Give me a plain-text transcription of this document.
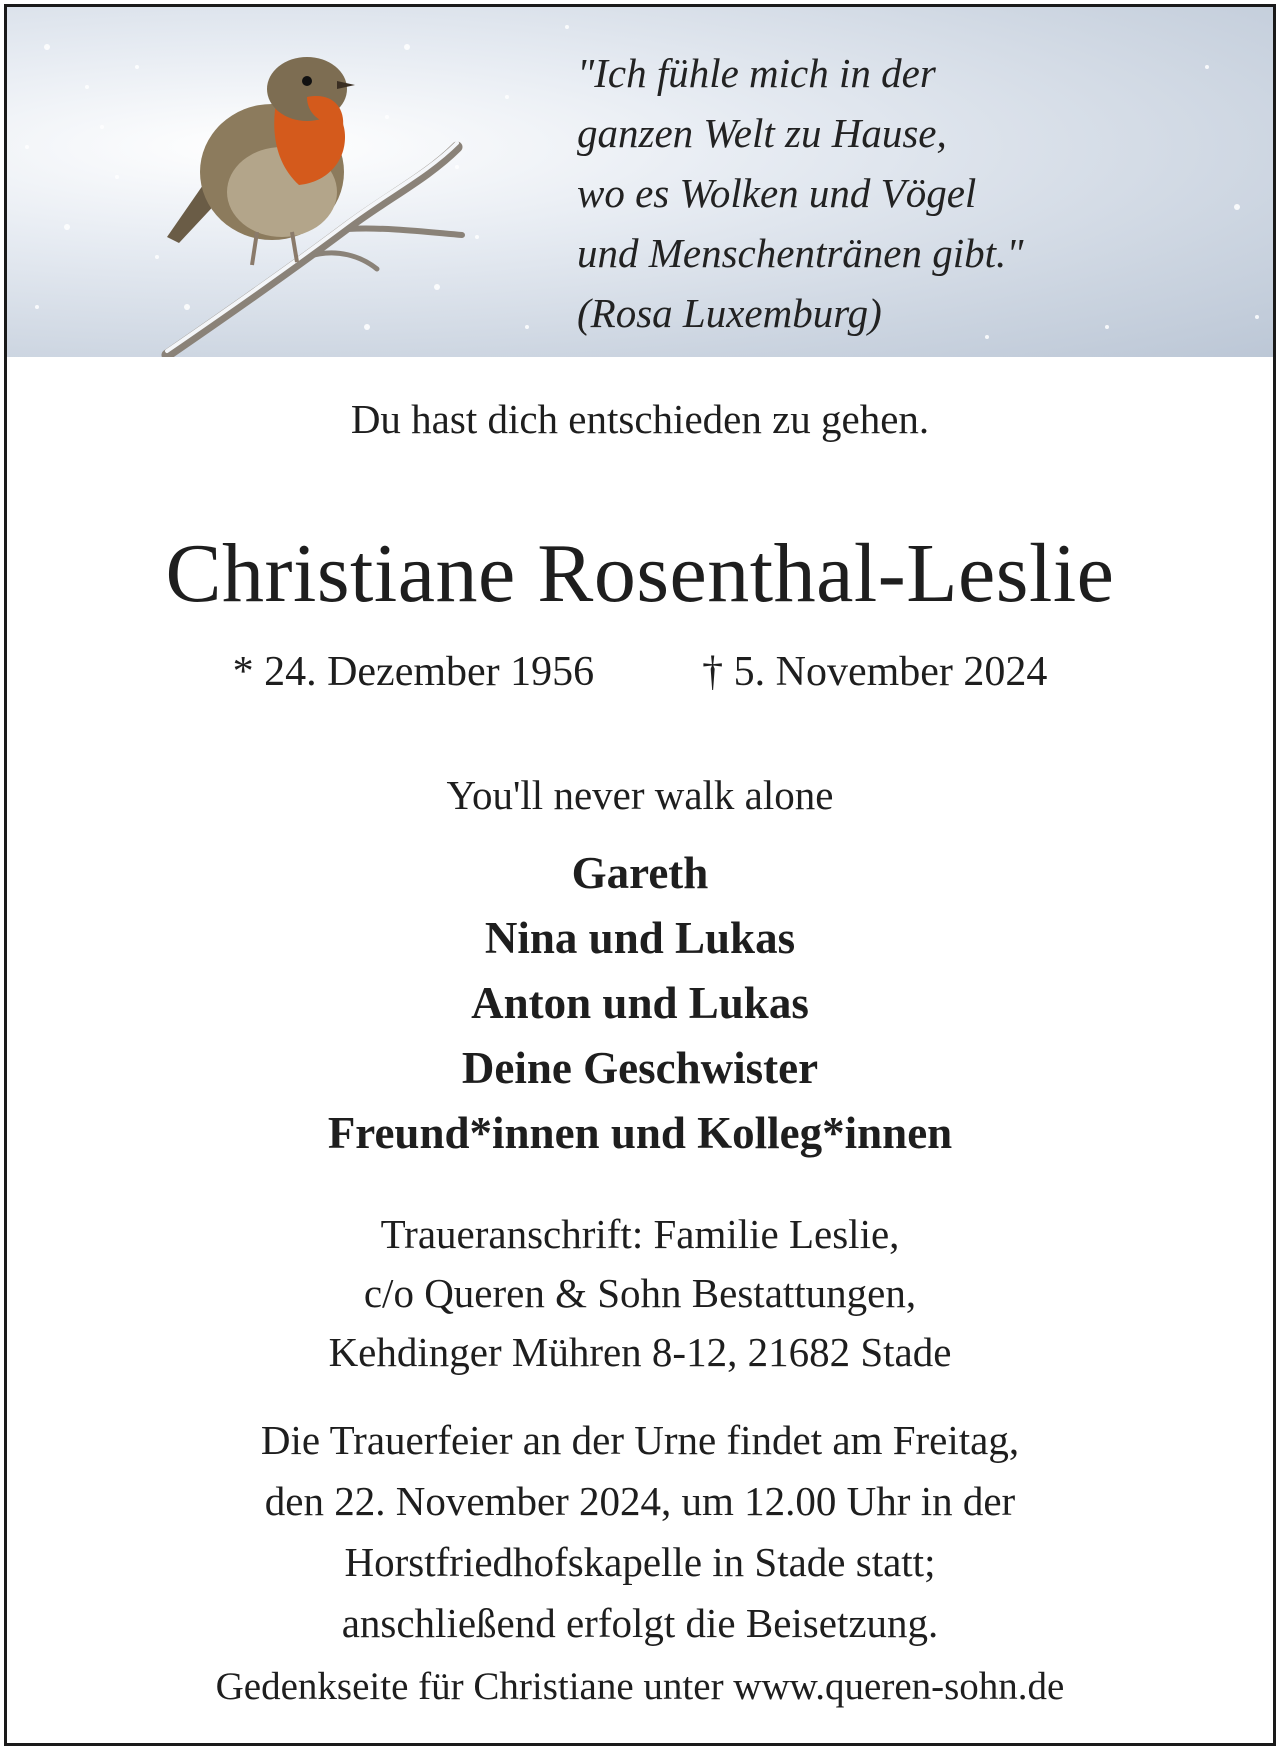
"Ich fühle mich in der
ganzen Welt zu Hause,
wo es Wolken und Vögel
und Menschentränen gibt."
(Rosa Luxemburg)
Du hast dich entschieden zu gehen.
Christiane Rosenthal-Leslie
* 24. Dezember 1956	† 5. November 2024
You'll never walk alone
Gareth
Nina und Lukas
Anton und Lukas
Deine Geschwister
Freund*innen und Kolleg*innen
Traueranschrift: Familie Leslie,
c/o Queren & Sohn Bestattungen,
Kehdinger Mühren 8-12, 21682 Stade
Die Trauerfeier an der Urne findet am Freitag,
den 22. November 2024, um 12.00 Uhr in der
Horstfriedhofskapelle in Stade statt;
anschließend erfolgt die Beisetzung.
Gedenkseite für Christiane unter www.queren-sohn.de
